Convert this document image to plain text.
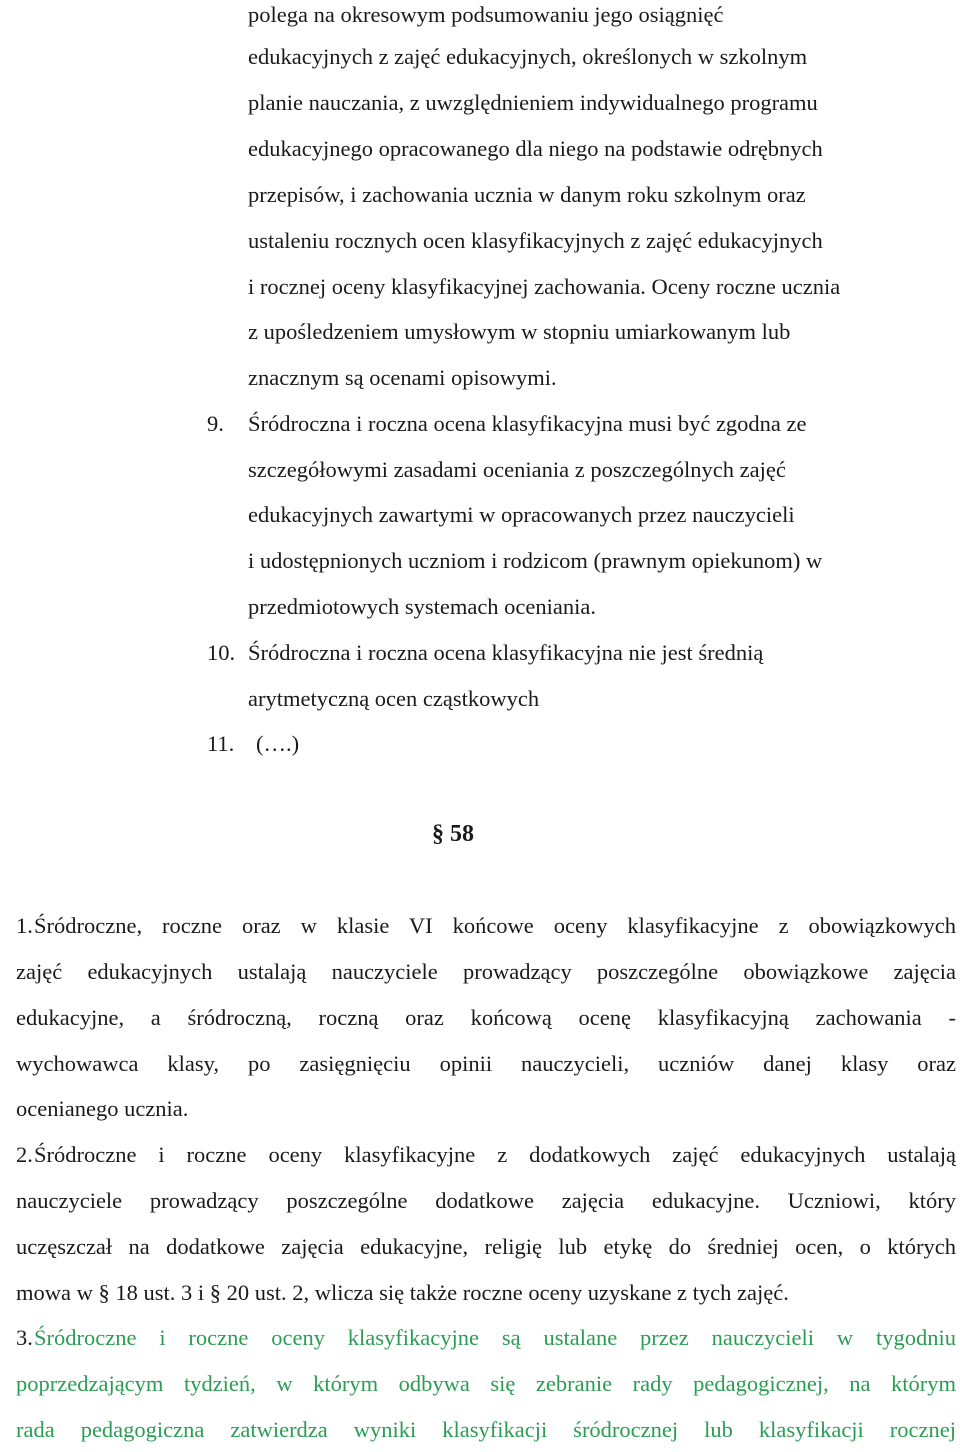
polega na okresowym podsumowaniu jego osiągnięć

edukacyjnych z zajęć edukacyjnych, określonych w szkolnym

planie nauczania, z uwzględnieniem indywidualnego programu

edukacyjnego opracowanego dla niego na podstawie odrębnych

przepisów, i zachowania ucznia w danym roku szkolnym oraz

ustaleniu rocznych ocen klasyfikacyjnych z zajęć edukacyjnych

i rocznej oceny klasyfikacyjnej zachowania. Oceny roczne ucznia

z upośledzeniem umysłowym w stopniu umiarkowanym lub

znacznym są ocenami opisowymi.

9. Śródroczna i roczna ocena klasyfikacyjna musi być zgodna ze

szczegółowymi zasadami oceniania z poszczególnych zajęć

edukacyjnych zawartymi w opracowanych przez nauczycieli

i udostępnionych uczniom i rodzicom (prawnym opiekunom) w

przedmiotowych systemach oceniania.

10. Śródroczna i roczna ocena klasyfikacyjna nie jest średnią

arytmetyczną ocen cząstkowych

11. (….)

§ 58

1. Śródroczne, roczne oraz w klasie VI końcowe oceny klasyfikacyjne z obowiązkowych

zajęć edukacyjnych ustalają nauczyciele prowadzący poszczególne obowiązkowe zajęcia

edukacyjne, a śródroczną, roczną oraz końcową ocenę klasyfikacyjną zachowania -

wychowawca klasy, po zasięgnięciu opinii nauczycieli, uczniów danej klasy oraz

ocenianego ucznia.

2. Śródroczne i roczne oceny klasyfikacyjne z dodatkowych zajęć edukacyjnych ustalają

nauczyciele prowadzący poszczególne dodatkowe zajęcia edukacyjne. Uczniowi, który

uczęszczał na dodatkowe zajęcia edukacyjne, religię lub etykę do średniej ocen, o których

mowa w § 18 ust. 3 i § 20 ust. 2, wlicza się także roczne oceny uzyskane z tych zajęć.

3. Śródroczne i roczne oceny klasyfikacyjne są ustalane przez nauczycieli w tygodniu

poprzedzającym tydzień, w którym odbywa się zebranie rady pedagogicznej, na którym

rada pedagogiczna zatwierdza wyniki klasyfikacji śródrocznej lub klasyfikacji rocznej
